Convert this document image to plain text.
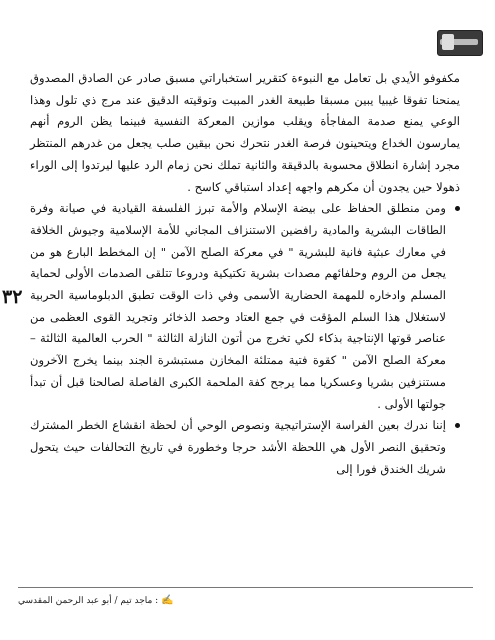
٣٢

مكفوفو الأيدي بل تعامل مع النبوءة كتقرير استخباراتي مسبق صادر عن الصادق المصدوق يمنحنا تفوقا غيبيا يبين مسبقا طبيعة الغدر المبيت وتوقيته الدقيق عند مرج ذي تلول وهذا الوعي يمنع صدمة المفاجأة ويقلب موازين المعركة النفسية فبينما يظن الروم أنهم يمارسون الخداع ويتحينون فرصة الغدر نتحرك نحن بيقين صلب يجعل من غدرهم المنتظر مجرد إشارة انطلاق محسوبة بالدقيقة والثانية تملك نحن زمام الرد عليها ليرتدوا إلى الوراء ذهولا حين يجدون أن مكرهم واجهه إعداد استباقي كاسح .

ومن منطلق الحفاظ على بيضة الإسلام والأمة تبرز الفلسفة القيادية في صيانة وفرة الطاقات البشرية والمادية رافضين الاستنزاف المجاني للأمة الإسلامية وجيوش الخلافة في معارك عبثية فانية للبشرية " في معركة الصلح الآمن " إن المخطط البارع هو من يجعل من الروم وحلفائهم مصدات بشرية تكتيكية ودروعا تتلقى الصدمات الأولى لحماية المسلم وادخاره للمهمة الحضارية الأسمى وفي ذات الوقت تطبق الدبلوماسية الحربية لاستغلال هذا السلم المؤقت في جمع العتاد وحصد الذخائر وتجريد القوى العظمى من عناصر قوتها الإنتاجية بذكاء لكي تخرج من أتون النازلة الثالثة " الحرب العالمية الثالثة – معركة الصلح الآمن " كقوة فتية ممتلئة المخازن مستبشرة الجند بينما يخرج الآخرون مستنزفين بشريا وعسكريا مما يرجح كفة الملحمة الكبرى الفاصلة لصالحنا قبل أن تبدأ جولتها الأولى .
إننا ندرك بعين الفراسة الإستراتيجية ونصوص الوحي أن لحظة انقشاع الخطر المشترك وتحقيق النصر الأول هي اللحظة الأشد حرجا وخطورة في تاريخ التحالفات حيث يتحول شريك الخندق فورا إلى
✍ : ماجد تيم / أبو عبد الرحمن المقدسي
